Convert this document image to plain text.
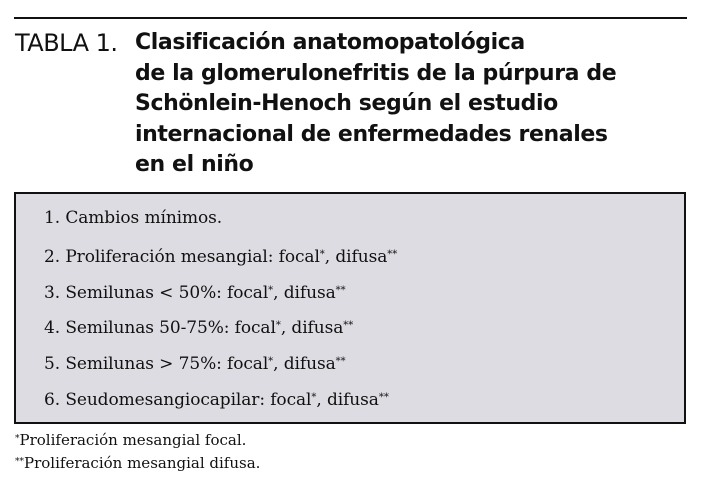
TABLA 1. Clasificación anatomopatológica
de la glomerulonefritis de la púrpura de
Schönlein-Henoch según el estudio
internacional de enfermedades renales
en el niño
1. Cambios mínimos.
2. Proliferación mesangial: focal*, difusa**
3. Semilunas < 50%: focal*, difusa**
4. Semilunas 50-75%: focal*, difusa**
5. Semilunas > 75%: focal*, difusa**
6. Seudomesangiocapilar: focal*, difusa**
*Proliferación mesangial focal.
**Proliferación mesangial difusa.
